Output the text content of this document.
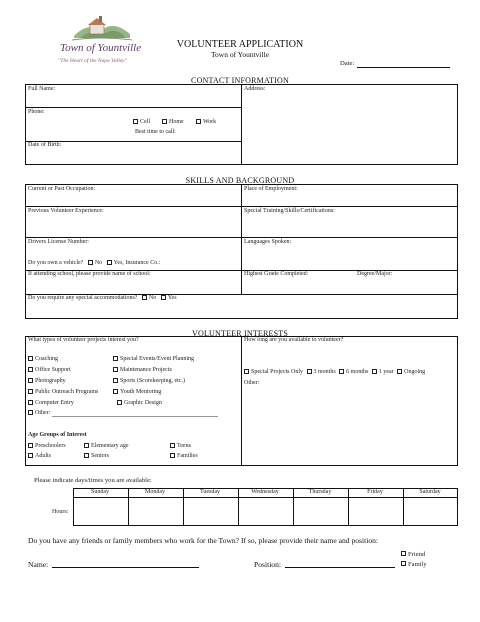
Town of Yountville
"The Heart of the Napa Valley"
VOLUNTEER APPLICATION
Town of Yountville
Date:
CONTACT INFORMATION
Full Name:	Address:
Phone:
Cell	Home	Work
Best time to call:
Date of Birth:
SKILLS AND BACKGROUND
Current or Past Occupation:	Place of Employment:
Previous Volunteer Experience:	Special Training/Skills/Certifications:
Drivers License Number:	Languages Spoken:
Do you own a vehicle? No Yes, Insurance Co.:
If attending school, please provide name of school:	Highest Grade Completed:	Degree/Major:
Do you require any special accommodations? No Yes
VOLUNTEER INTERESTS
What types of volunteer projects interest you?	How long are you available to volunteer?
Coaching
Office Support
Photography
Public Outreach Programs
Computer Entry
Special Events/Event Planning
Maintenance Projects
Sports (Scorekeeping, etc.)
Youth Mentoring
Graphic Design
Other:
Special Projects Only 3 months 6 months 1 year Ongoing
Other:
Age Groups of Interest
Preschoolers	Elementary age	Teens
Adults	Seniors	Families
Please indicate days/times you are available:
Sunday	Monday	Tuesday	Wednesday	Thursday	Friday	Saturday
Hours:
Do you have any friends or family members who work for the Town? If so, please provide their name and position:
Friend
Family
Name:	Position:
